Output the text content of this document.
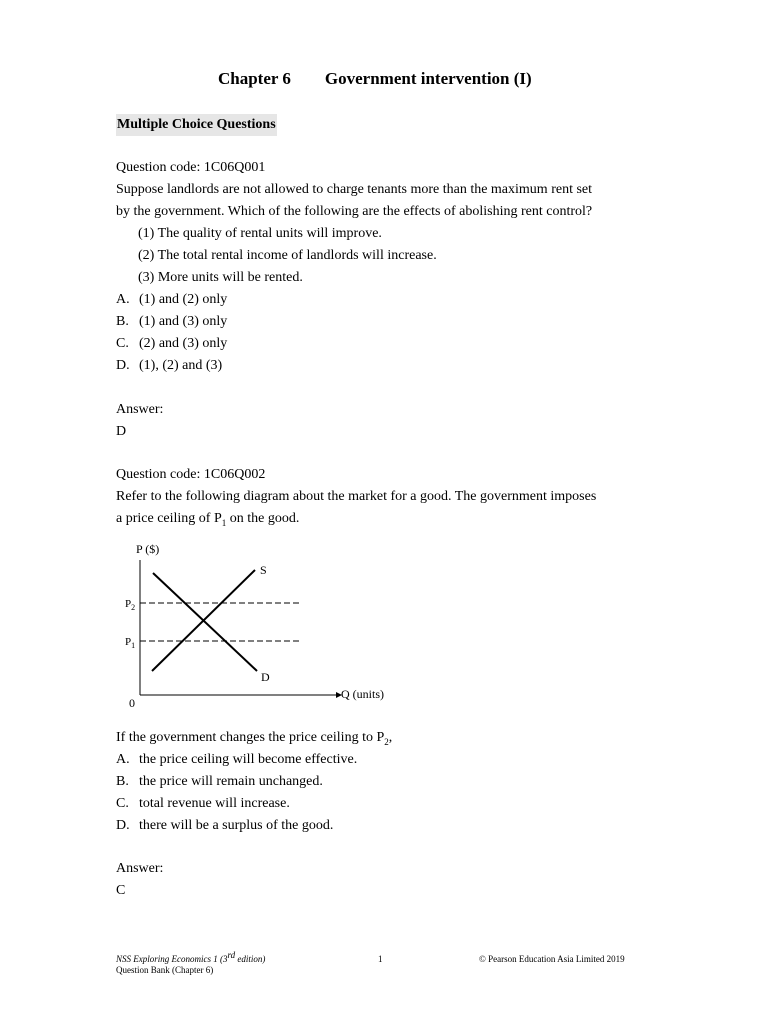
Chapter 6 Government intervention (I)
Multiple Choice Questions
Question code: 1C06Q001
Suppose landlords are not allowed to charge tenants more than the maximum rent set
by the government. Which of the following are the effects of abolishing rent control?
(1) The quality of rental units will improve.
(2) The total rental income of landlords will increase.
(3) More units will be rented.
A. (1) and (2) only
B. (1) and (3) only
C. (2) and (3) only
D. (1), (2) and (3)
Answer:
D
Question code: 1C06Q002
Refer to the following diagram about the market for a good. The government imposes
a price ceiling of $P_1$ on the good.
P ($)
Q (units)
0
S
D
$P_2$
$P_1$
If the government changes the price ceiling to $P_2$,
A. the price ceiling will become effective.
B. the price will remain unchanged.
C. total revenue will increase.
D. there will be a surplus of the good.
Answer:
C
NSS Exploring Economics 1 (3rd edition)
Question Bank (Chapter 6)
1	© Pearson Education Asia Limited 2019
